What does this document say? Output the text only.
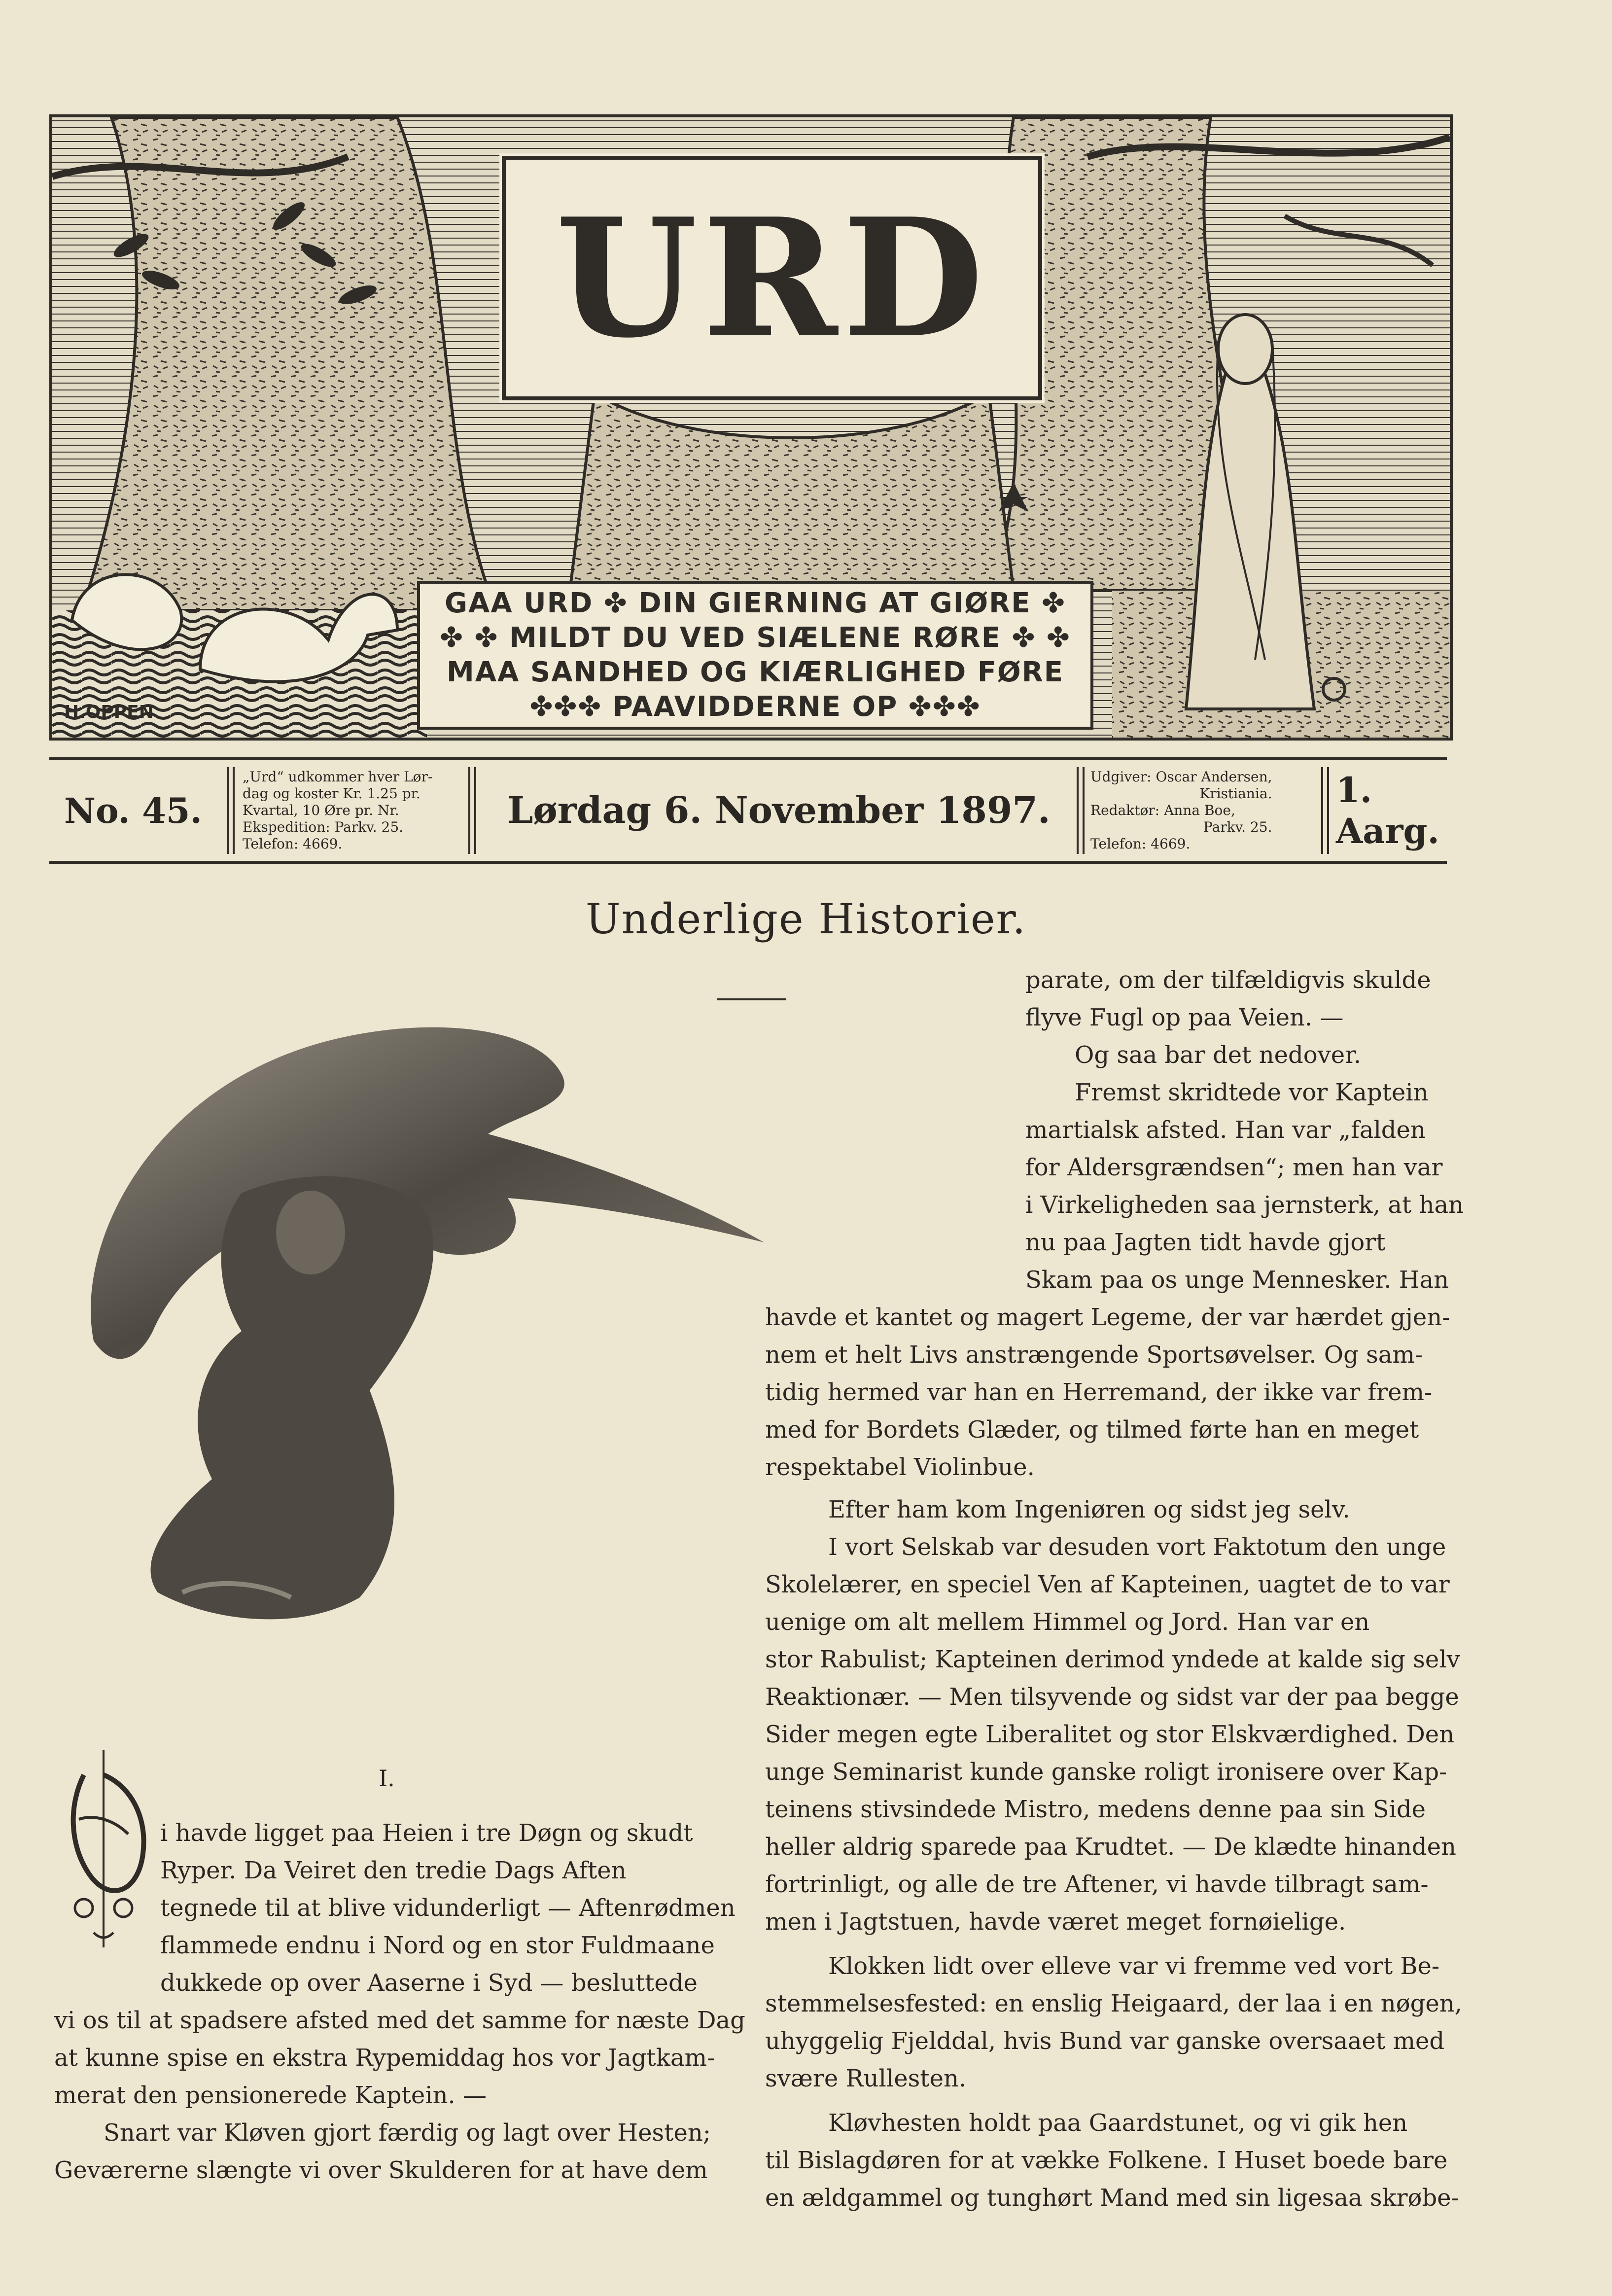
URD
GAA URD ✤ DIN GIERNING AT GIØRE ✤
✤ ✤ MILDT DU VED SIÆLENE RØRE ✤ ✤
MAA SANDHED OG KIÆRLIGHED FØRE
✤✤✤ PAAVIDDERNE OP ✤✤✤
H.OPPEN
No. 45.
„Urd“ udkommer hver Lør-
dag og koster Kr. 1.25 pr.
Kvartal, 10 Øre pr. Nr.
Ekspedition: Parkv. 25.
Telefon: 4669.
Lørdag 6. November 1897.
Udgiver: Oscar Andersen,
Kristiania.
Redaktør: Anna Boe,
Parkv. 25.
Telefon: 4669.
1. Aarg.
Underlige Historier.
I.
i havde ligget paa Heien i tre Døgn og skudt
Ryper. Da Veiret den tredie Dags Aften
tegnede til at blive vidunderligt — Aftenrødmen
flammede endnu i Nord og en stor Fuldmaane
dukkede op over Aaserne i Syd — besluttede
vi os til at spadsere afsted med det samme for næste Dag
at kunne spise en ekstra Rypemiddag hos vor Jagtkam-
merat den pensionerede Kaptein. —
Snart var Kløven gjort færdig og lagt over Hesten;
Geværerne slængte vi over Skulderen for at have dem
parate, om der tilfældigvis skulde
flyve Fugl op paa Veien. —
Og saa bar det nedover.
Fremst skridtede vor Kaptein
martialsk afsted. Han var „falden
for Aldersgrændsen“; men han var
i Virkeligheden saa jernsterk, at han
nu paa Jagten tidt havde gjort
Skam paa os unge Mennesker. Han
havde et kantet og magert Legeme, der var hærdet gjen-
nem et helt Livs anstrængende Sportsøvelser. Og sam-
tidig hermed var han en Herremand, der ikke var frem-
med for Bordets Glæder, og tilmed førte han en meget
respektabel Violinbue.
Efter ham kom Ingeniøren og sidst jeg selv.
I vort Selskab var desuden vort Faktotum den unge
Skolelærer, en speciel Ven af Kapteinen, uagtet de to var
uenige om alt mellem Himmel og Jord. Han var en
stor Rabulist; Kapteinen derimod yndede at kalde sig selv
Reaktionær. — Men tilsyvende og sidst var der paa begge
Sider megen egte Liberalitet og stor Elskværdighed. Den
unge Seminarist kunde ganske roligt ironisere over Kap-
teinens stivsindede Mistro, medens denne paa sin Side
heller aldrig sparede paa Krudtet. — De klædte hinanden
fortrinligt, og alle de tre Aftener, vi havde tilbragt sam-
men i Jagtstuen, havde været meget fornøielige.
Klokken lidt over elleve var vi fremme ved vort Be-
stemmelsesfested: en enslig Heigaard, der laa i en nøgen,
uhyggelig Fjelddal, hvis Bund var ganske oversaaet med
svære Rullesten.
Kløvhesten holdt paa Gaardstunet, og vi gik hen
til Bislagdøren for at vække Folkene. I Huset boede bare
en ældgammel og tunghørt Mand med sin ligesaa skrøbe-
